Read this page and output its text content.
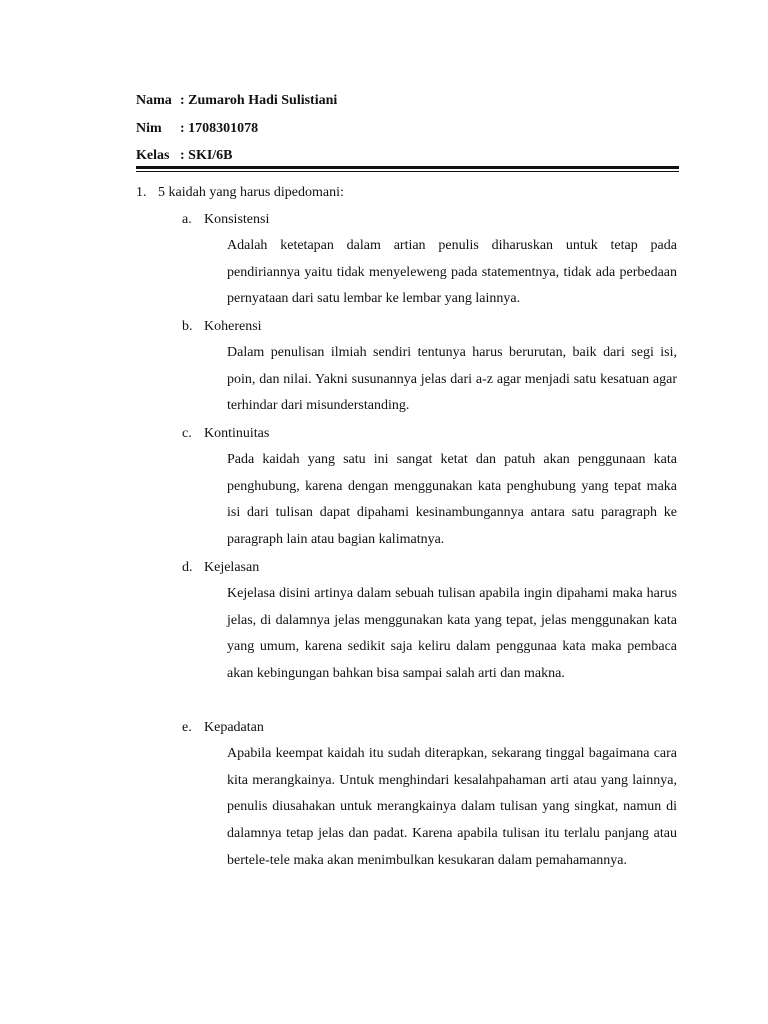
Nama : Zumaroh Hadi Sulistiani
Nim : 1708301078
Kelas : SKI/6B
1. 5 kaidah yang harus dipedomani:
a. Konsistensi
Adalah ketetapan dalam artian penulis diharuskan untuk tetap pada pendiriannya yaitu tidak menyeleweng pada statementnya, tidak ada perbedaan pernyataan dari satu lembar ke lembar yang lainnya.
b. Koherensi
Dalam penulisan ilmiah sendiri tentunya harus berurutan, baik dari segi isi, poin, dan nilai. Yakni susunannya jelas dari a-z agar menjadi satu kesatuan agar terhindar dari misunderstanding.
c. Kontinuitas
Pada kaidah yang satu ini sangat ketat dan patuh akan penggunaan kata penghubung, karena dengan menggunakan kata penghubung yang tepat maka isi dari tulisan dapat dipahami kesinambungannya antara satu paragraph ke paragraph lain atau bagian kalimatnya.
d. Kejelasan
Kejelasa disini artinya dalam sebuah tulisan apabila ingin dipahami maka harus jelas, di dalamnya jelas menggunakan kata yang tepat, jelas menggunakan kata yang umum, karena sedikit saja keliru dalam penggunaa kata maka pembaca akan kebingungan bahkan bisa sampai salah arti dan makna.
e. Kepadatan
Apabila keempat kaidah itu sudah diterapkan, sekarang tinggal bagaimana cara kita merangkainya. Untuk menghindari kesalahpahaman arti atau yang lainnya, penulis diusahakan untuk merangkainya dalam tulisan yang singkat, namun di dalamnya tetap jelas dan padat. Karena apabila tulisan itu terlalu panjang atau bertele-tele maka akan menimbulkan kesukaran dalam pemahamannya.
